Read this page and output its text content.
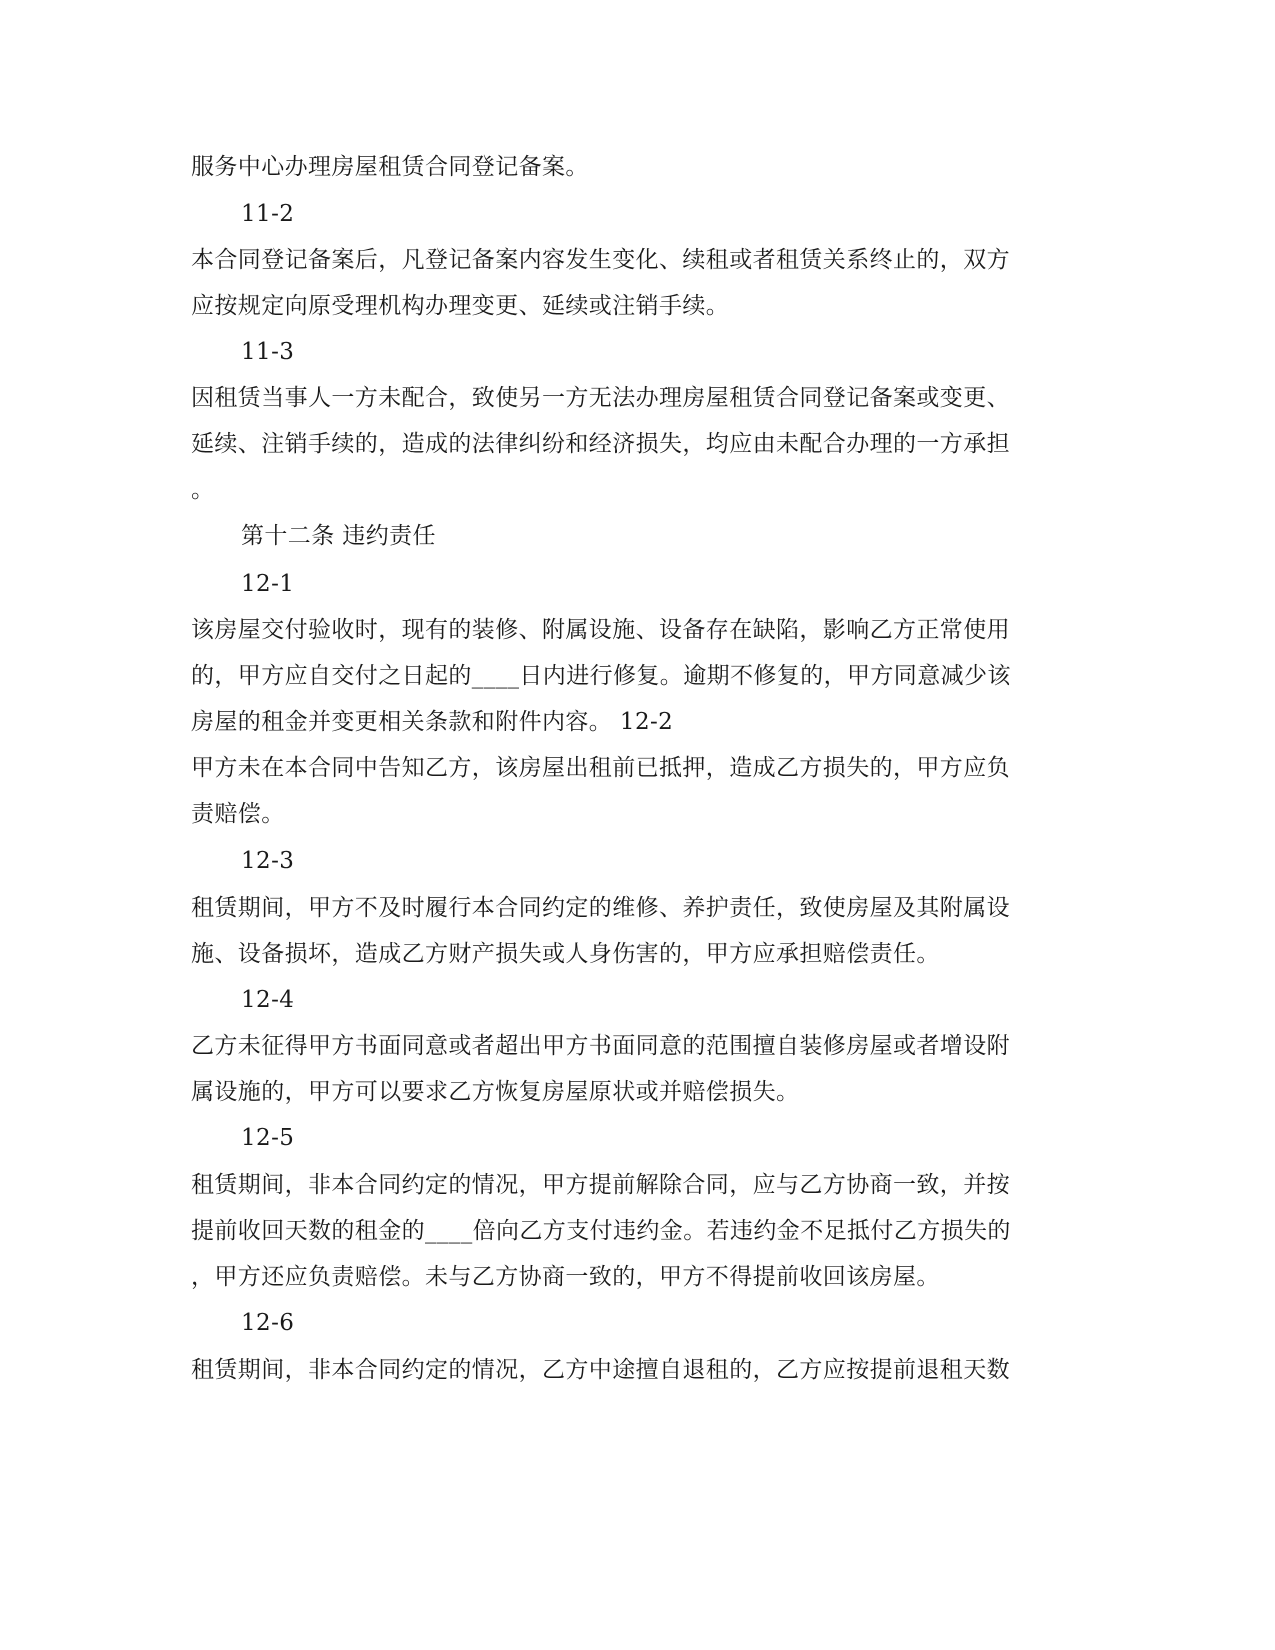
服务中心办理房屋租赁合同登记备案。
11-2
本合同登记备案后，凡登记备案内容发生变化、续租或者租赁关系终止的，双方
应按规定向原受理机构办理变更、延续或注销手续。
11-3
因租赁当事人一方未配合，致使另一方无法办理房屋租赁合同登记备案或变更、
延续、注销手续的，造成的法律纠纷和经济损失，均应由未配合办理的一方承担
。
第十二条 违约责任
12-1
该房屋交付验收时，现有的装修、附属设施、设备存在缺陷，影响乙方正常使用
的，甲方应自交付之日起的____日内进行修复。逾期不修复的，甲方同意减少该
房屋的租金并变更相关条款和附件内容。 12-2
甲方未在本合同中告知乙方，该房屋出租前已抵押，造成乙方损失的，甲方应负
责赔偿。
12-3
租赁期间，甲方不及时履行本合同约定的维修、养护责任，致使房屋及其附属设
施、设备损坏，造成乙方财产损失或人身伤害的，甲方应承担赔偿责任。
12-4
乙方未征得甲方书面同意或者超出甲方书面同意的范围擅自装修房屋或者增设附
属设施的，甲方可以要求乙方恢复房屋原状或并赔偿损失。
12-5
租赁期间，非本合同约定的情况，甲方提前解除合同，应与乙方协商一致，并按
提前收回天数的租金的____倍向乙方支付违约金。若违约金不足抵付乙方损失的
，甲方还应负责赔偿。未与乙方协商一致的，甲方不得提前收回该房屋。
12-6
租赁期间，非本合同约定的情况，乙方中途擅自退租的，乙方应按提前退租天数
